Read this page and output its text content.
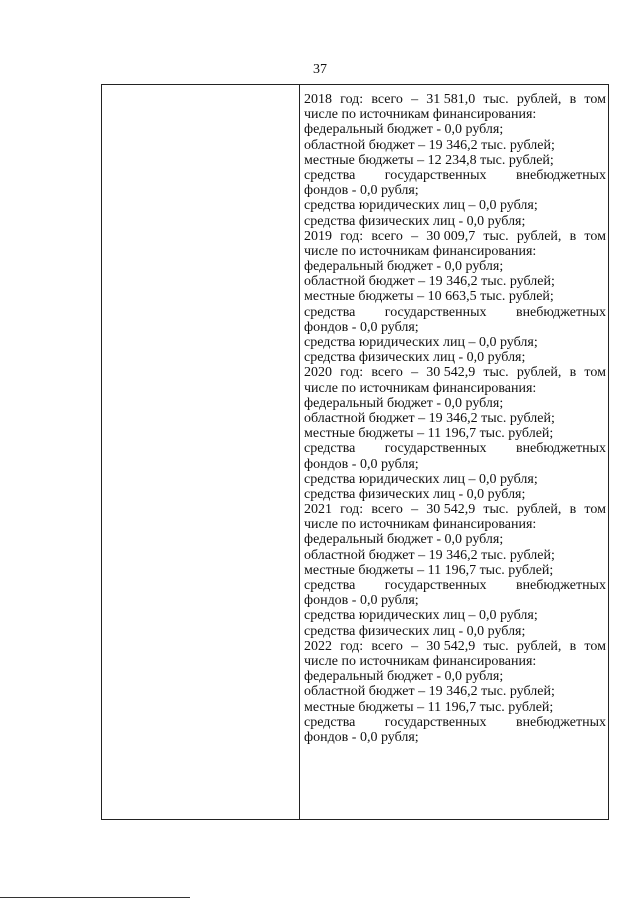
37
2018 год: всего – 31 581,0 тыс. рублей, в том
числе по источникам финансирования:
федеральный бюджет - 0,0 рубля;
областной бюджет – 19 346,2 тыс. рублей;
местные бюджеты – 12 234,8 тыс. рублей;
средства государственных внебюджетных
фондов - 0,0 рубля;
средства юридических лиц – 0,0 рубля;
средства физических лиц - 0,0 рубля;
2019 год: всего – 30 009,7 тыс. рублей, в том
числе по источникам финансирования:
федеральный бюджет - 0,0 рубля;
областной бюджет – 19 346,2 тыс. рублей;
местные бюджеты – 10 663,5 тыс. рублей;
средства государственных внебюджетных
фондов - 0,0 рубля;
средства юридических лиц – 0,0 рубля;
средства физических лиц - 0,0 рубля;
2020 год: всего – 30 542,9 тыс. рублей, в том
числе по источникам финансирования:
федеральный бюджет - 0,0 рубля;
областной бюджет – 19 346,2 тыс. рублей;
местные бюджеты – 11 196,7 тыс. рублей;
средства государственных внебюджетных
фондов - 0,0 рубля;
средства юридических лиц – 0,0 рубля;
средства физических лиц - 0,0 рубля;
2021 год: всего – 30 542,9 тыс. рублей, в том
числе по источникам финансирования:
федеральный бюджет - 0,0 рубля;
областной бюджет – 19 346,2 тыс. рублей;
местные бюджеты – 11 196,7 тыс. рублей;
средства государственных внебюджетных
фондов - 0,0 рубля;
средства юридических лиц – 0,0 рубля;
средства физических лиц - 0,0 рубля;
2022 год: всего – 30 542,9 тыс. рублей, в том
числе по источникам финансирования:
федеральный бюджет - 0,0 рубля;
областной бюджет – 19 346,2 тыс. рублей;
местные бюджеты – 11 196,7 тыс. рублей;
средства государственных внебюджетных
фондов - 0,0 рубля;
